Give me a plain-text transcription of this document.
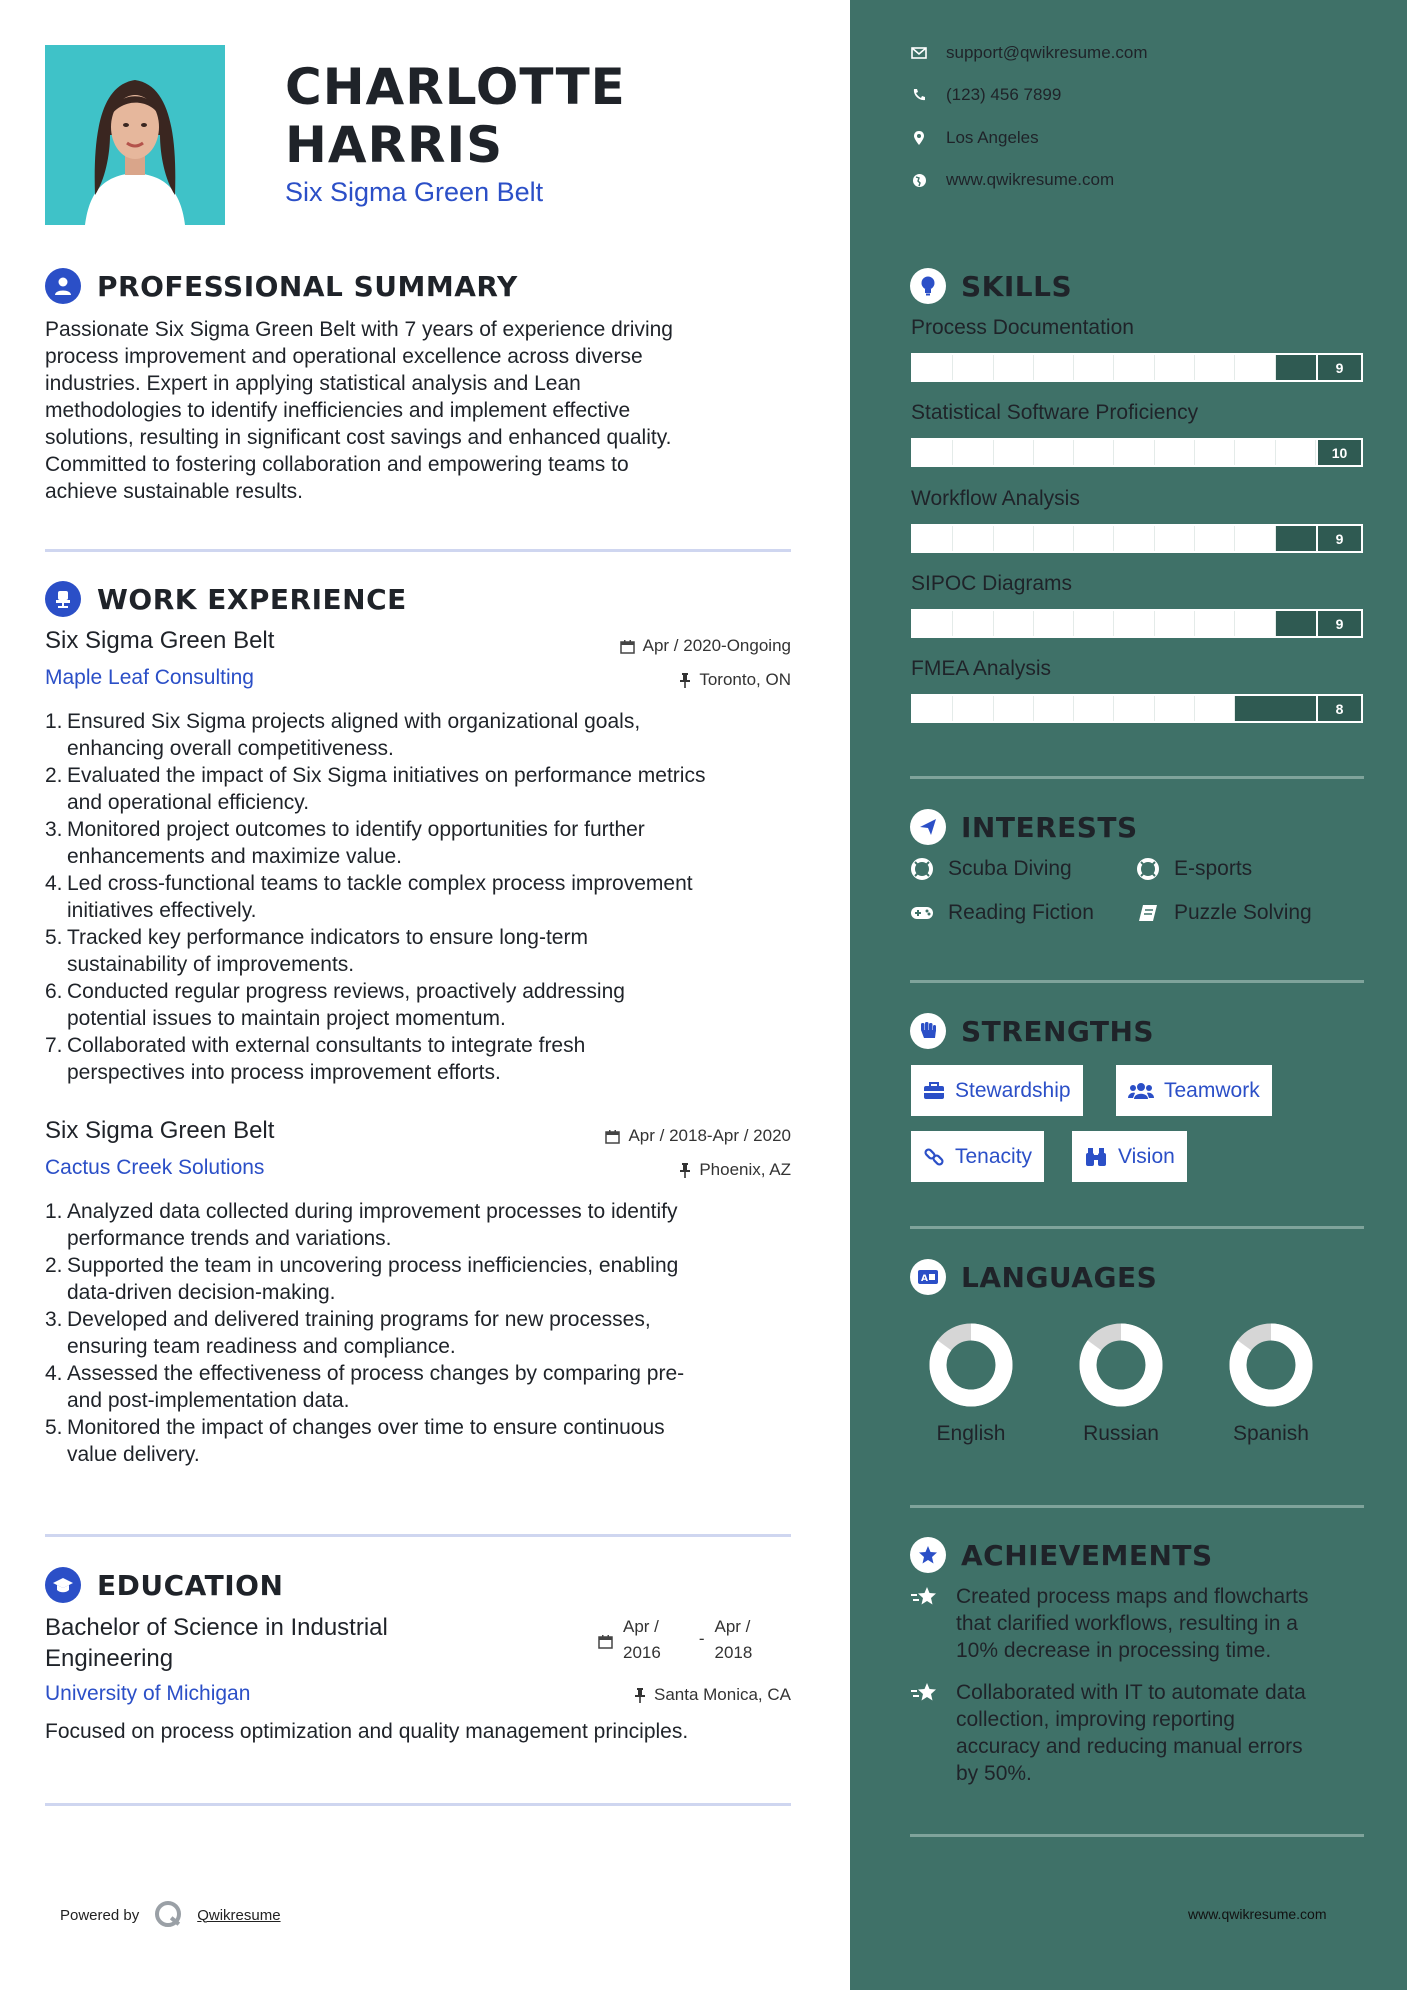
CHARLOTTE
HARRIS
Six Sigma Green Belt
PROFESSIONAL SUMMARY
Passionate Six Sigma Green Belt with 7 years of experience driving
process improvement and operational excellence across diverse
industries. Expert in applying statistical analysis and Lean
methodologies to identify inefficiencies and implement effective
solutions, resulting in significant cost savings and enhanced quality.
Committed to fostering collaboration and empowering teams to
achieve sustainable results.
WORK EXPERIENCE
Six Sigma Green Belt	Apr / 2020-Ongoing
Maple Leaf Consulting	Toronto, ON
1. Ensured Six Sigma projects aligned with organizational goals,
enhancing overall competitiveness.
2. Evaluated the impact of Six Sigma initiatives on performance metrics
and operational efficiency.
3. Monitored project outcomes to identify opportunities for further
enhancements and maximize value.
4. Led cross-functional teams to tackle complex process improvement
initiatives effectively.
5. Tracked key performance indicators to ensure long-term
sustainability of improvements.
6. Conducted regular progress reviews, proactively addressing
potential issues to maintain project momentum.
7. Collaborated with external consultants to integrate fresh
perspectives into process improvement efforts.
Six Sigma Green Belt	Apr / 2018-Apr / 2020
Cactus Creek Solutions	Phoenix, AZ
1. Analyzed data collected during improvement processes to identify
performance trends and variations.
2. Supported the team in uncovering process inefficiencies, enabling
data-driven decision-making.
3. Developed and delivered training programs for new processes,
ensuring team readiness and compliance.
4. Assessed the effectiveness of process changes by comparing pre-
and post-implementation data.
5. Monitored the impact of changes over time to ensure continuous
value delivery.
EDUCATION
Bachelor of Science in Industrial
Engineering
Apr /
2016
-
Apr /
2018
University of Michigan	Santa Monica, CA
Focused on process optimization and quality management principles.
Powered by	Qwikresume
support@qwikresume.com
(123) 456 7899
Los Angeles
www.qwikresume.com
SKILLS
Process Documentation
9
Statistical Software Proficiency
10
Workflow Analysis
9
SIPOC Diagrams
9
FMEA Analysis
8
INTERESTS
Scuba Diving	E-sports
Reading Fiction	Puzzle Solving
STRENGTHS
Stewardship	Teamwork
Tenacity	Vision
A LANGUAGES
English	Russian	Spanish
ACHIEVEMENTS
Created process maps and flowcharts
that clarified workflows, resulting in a
10% decrease in processing time.
Collaborated with IT to automate data
collection, improving reporting
accuracy and reducing manual errors
by 50%.
www.qwikresume.com
